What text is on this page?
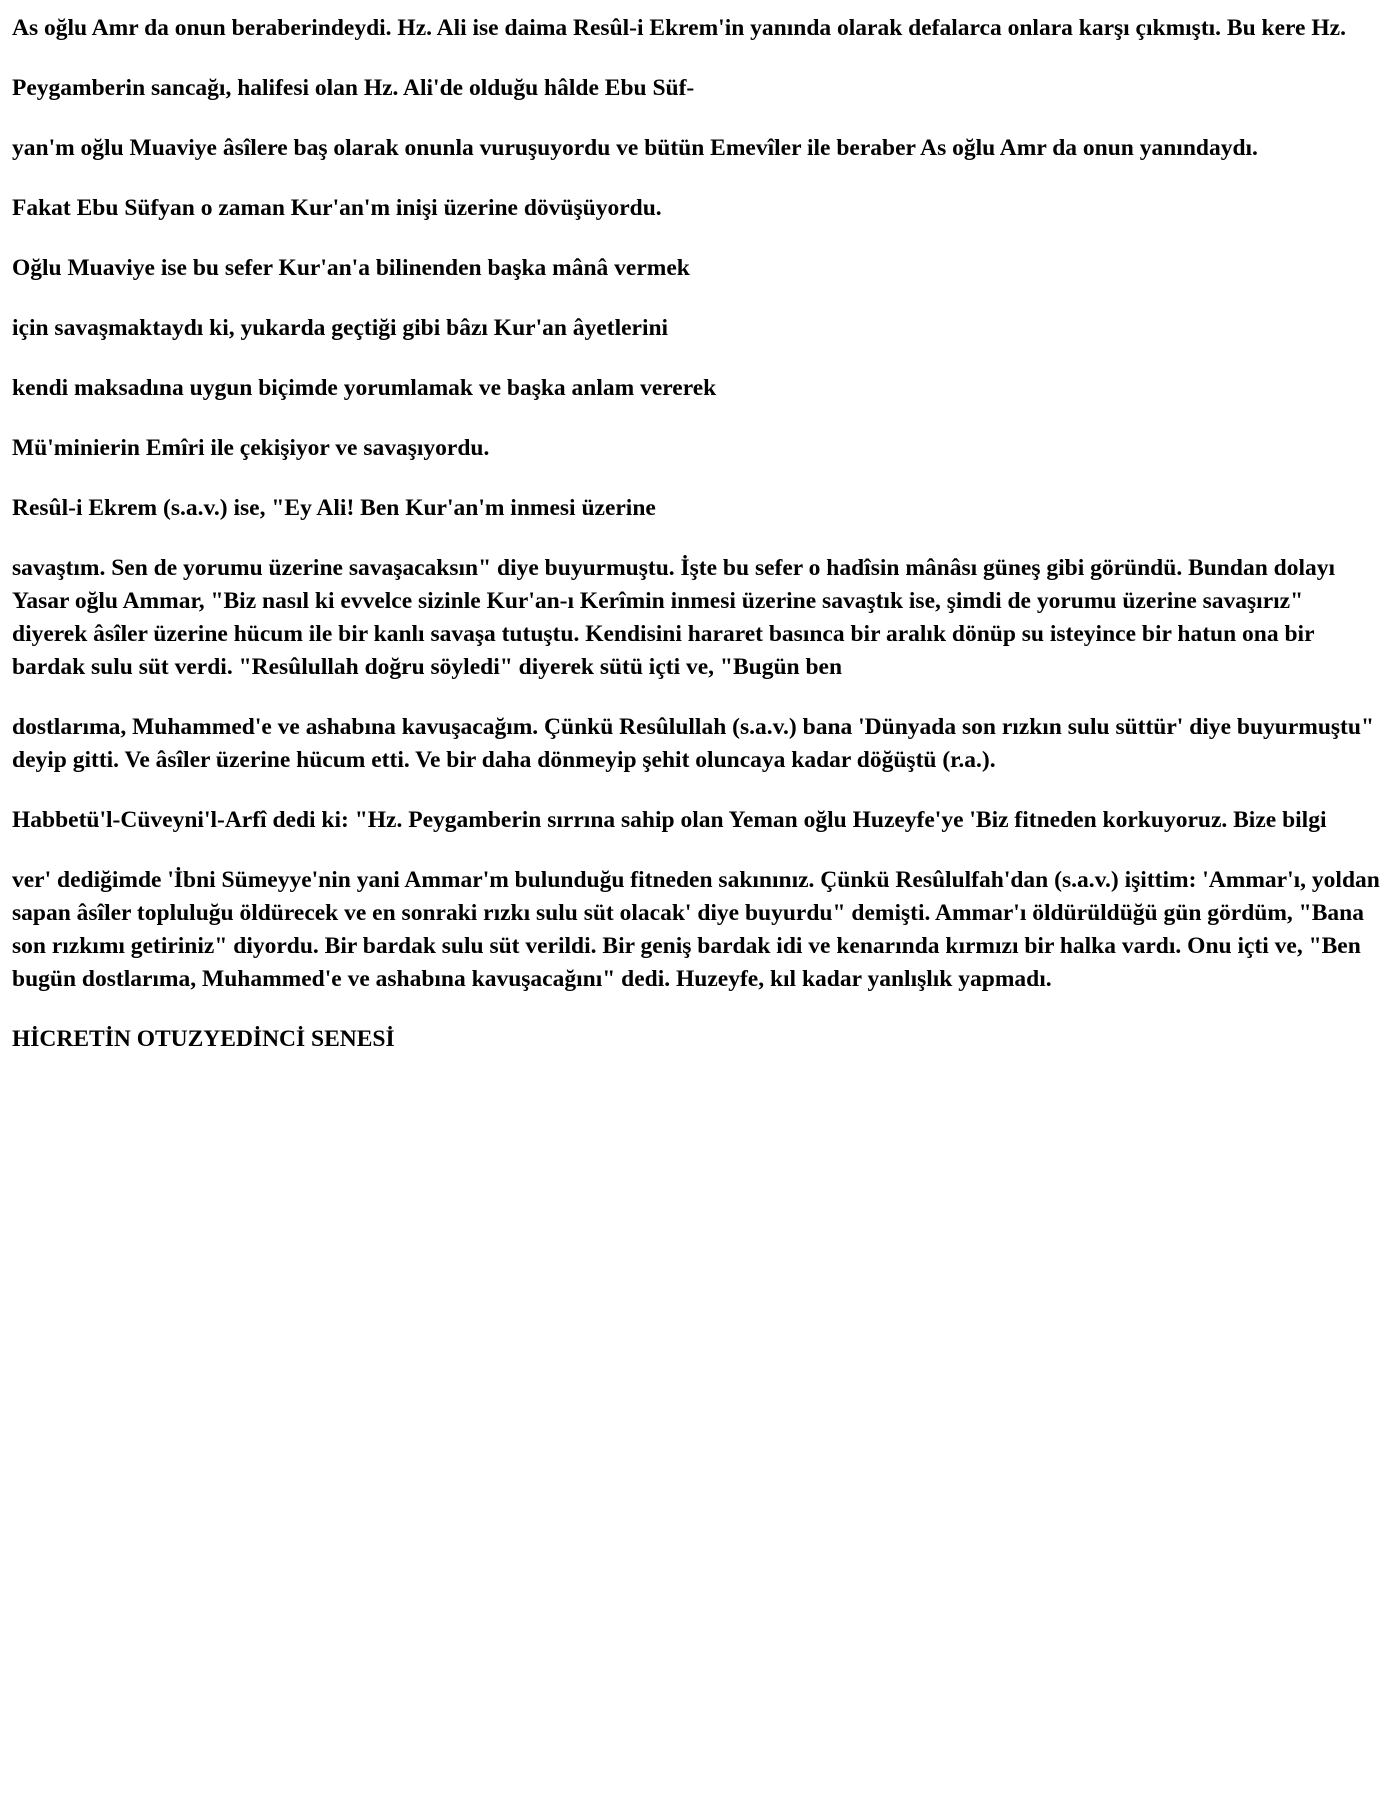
As oğlu Amr da onun beraberindeydi. Hz. Ali ise daima Resûl-i Ekrem'in yanında olarak defalarca onlara karşı çıkmıştı. Bu kere Hz.

Peygamberin sancağı, halifesi olan Hz. Ali'de olduğu hâlde Ebu Süf-

yan'm oğlu Muaviye âsîlere baş olarak onunla vuruşuyordu ve bütün Emevîler ile beraber As oğlu Amr da onun yanındaydı.

Fakat Ebu Süfyan o zaman Kur'an'm inişi üzerine dövüşüyordu.

Oğlu Muaviye ise bu sefer Kur'an'a bilinenden başka mânâ vermek

için savaşmaktaydı ki, yukarda geçtiği gibi bâzı Kur'an âyetlerini

kendi maksadına uygun biçimde yorumlamak ve başka anlam vererek

Mü'minierin Emîri ile çekişiyor ve savaşıyordu.

Resûl-i Ekrem (s.a.v.) ise, "Ey Ali! Ben Kur'an'm inmesi üzerine

savaştım. Sen de yorumu üzerine savaşacaksın" diye buyurmuştu. İşte bu sefer o hadîsin mânâsı güneş gibi göründü. Bundan dolayı Yasar oğlu Ammar, "Biz nasıl ki evvelce sizinle Kur'an-ı Kerîmin inmesi üzerine savaştık ise, şimdi de yorumu üzerine savaşırız" diyerek âsîler üzerine hücum ile bir kanlı savaşa tutuştu. Kendisini hararet basınca bir aralık dönüp su isteyince bir hatun ona bir bardak sulu süt verdi. "Resûlullah doğru söyledi" diyerek sütü içti ve, "Bugün ben

dostlarıma, Muhammed'e ve ashabına kavuşacağım. Çünkü Resûlullah (s.a.v.) bana 'Dünyada son rızkın sulu süttür' diye buyurmuştu" deyip gitti. Ve âsîler üzerine hücum etti. Ve bir daha dönmeyip şehit oluncaya kadar döğüştü (r.a.).

Habbetü'l-Cüveyni'l-Arfî dedi ki: "Hz. Peygamberin sırrına sahip olan Yeman oğlu Huzeyfe'ye 'Biz fitneden korkuyoruz. Bize bilgi

ver' dediğimde 'İbni Sümeyye'nin yani Ammar'm bulunduğu fitneden sakınınız. Çünkü Resûlulfah'dan (s.a.v.) işittim: 'Ammar'ı, yoldan sapan âsîler topluluğu öldürecek ve en sonraki rızkı sulu süt olacak' diye buyurdu" demişti. Ammar'ı öldürüldüğü gün gördüm, "Bana son rızkımı getiriniz" diyordu. Bir bardak sulu süt verildi. Bir geniş bardak idi ve kenarında kırmızı bir halka vardı. Onu içti ve, "Ben bugün dostlarıma, Muhammed'e ve ashabına kavuşacağını" dedi. Huzeyfe, kıl kadar yanlışlık yapmadı.

HİCRETİN OTUZYEDİNCİ SENESİ
